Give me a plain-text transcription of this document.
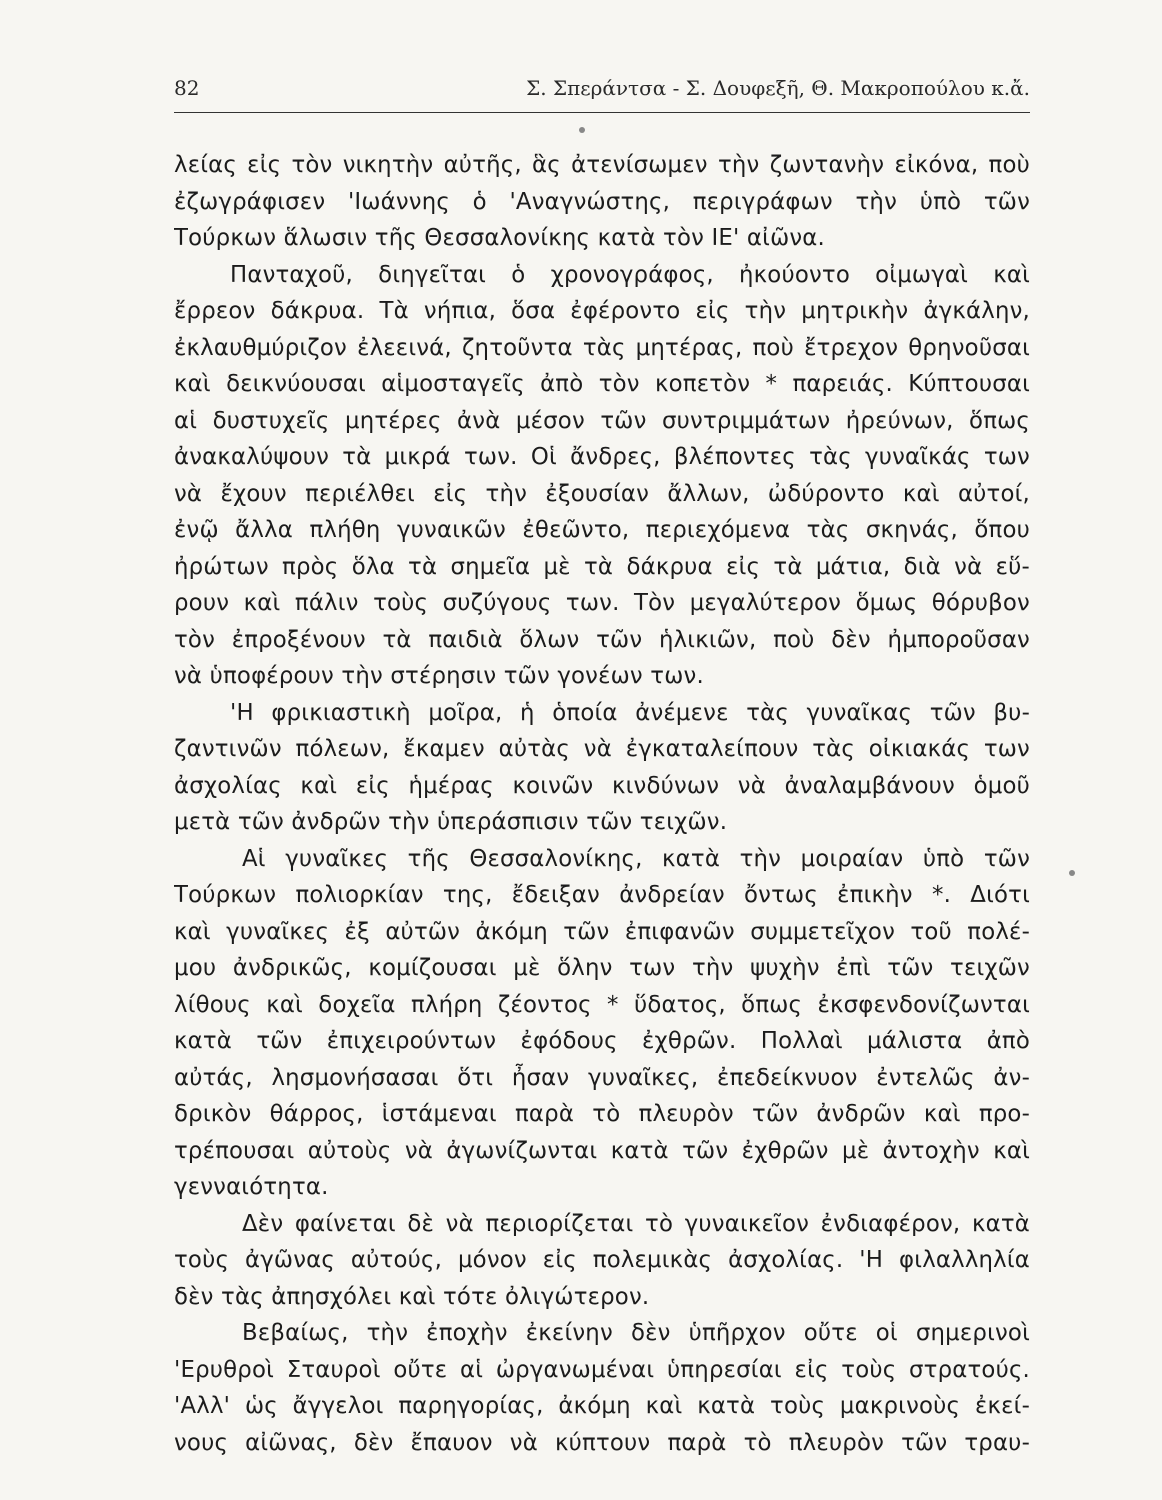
82	Σ. Σπεράντσα - Σ. Δουφεξῆ, Θ. Μακροπούλου κ.ἄ.
λείας εἰς τὸν νικητὴν αὐτῆς, ἃς ἀτενίσωμεν τὴν ζωντανὴν εἰκόνα, ποὺ
ἐζωγράφισεν 'Ιωάννης ὁ 'Αναγνώστης, περιγράφων τὴν ὑπὸ τῶν
Τούρκων ἅλωσιν τῆς Θεσσαλονίκης κατὰ τὸν ΙΕ' αἰῶνα.
Πανταχοῦ, διηγεῖται ὁ χρονογράφος, ἠκούοντο οἰμωγαὶ καὶ
ἔρρεον δάκρυα. Τὰ νήπια, ὅσα ἐφέροντο εἰς τὴν μητρικὴν ἀγκάλην,
ἐκλαυθμύριζον ἐλεεινά, ζητοῦντα τὰς μητέρας, ποὺ ἔτρεχον θρηνοῦσαι
καὶ δεικνύουσαι αἱμοσταγεῖς ἀπὸ τὸν κοπετὸν * παρειάς. Κύπτουσαι
αἱ δυστυχεῖς μητέρες ἀνὰ μέσον τῶν συντριμμάτων ἠρεύνων, ὅπως
ἀνακαλύψουν τὰ μικρά των. Οἱ ἄνδρες, βλέποντες τὰς γυναῖκάς των
νὰ ἔχουν περιέλθει εἰς τὴν ἐξουσίαν ἄλλων, ὠδύροντο καὶ αὐτοί,
ἐνῷ ἄλλα πλήθη γυναικῶν ἐθεῶντο, περιεχόμενα τὰς σκηνάς, ὅπου
ἠρώτων πρὸς ὅλα τὰ σημεῖα μὲ τὰ δάκρυα εἰς τὰ μάτια, διὰ νὰ εὕ-
ρουν καὶ πάλιν τοὺς συζύγους των. Τὸν μεγαλύτερον ὅμως θόρυβον
τὸν ἐπροξένουν τὰ παιδιὰ ὅλων τῶν ἡλικιῶν, ποὺ δὲν ἠμποροῦσαν
νὰ ὑποφέρουν τὴν στέρησιν τῶν γονέων των.
'Η φρικιαστικὴ μοῖρα, ἡ ὁποία ἀνέμενε τὰς γυναῖκας τῶν βυ-
ζαντινῶν πόλεων, ἔκαμεν αὐτὰς νὰ ἐγκαταλείπουν τὰς οἰκιακάς των
ἀσχολίας καὶ εἰς ἡμέρας κοινῶν κινδύνων νὰ ἀναλαμβάνουν ὁμοῦ
μετὰ τῶν ἀνδρῶν τὴν ὑπεράσπισιν τῶν τειχῶν.
Αἱ γυναῖκες τῆς Θεσσαλονίκης, κατὰ τὴν μοιραίαν ὑπὸ τῶν
Τούρκων πολιορκίαν της, ἔδειξαν ἀνδρείαν ὄντως ἐπικὴν *. Διότι
καὶ γυναῖκες ἐξ αὐτῶν ἀκόμη τῶν ἐπιφανῶν συμμετεῖχον τοῦ πολέ-
μου ἀνδρικῶς, κομίζουσαι μὲ ὅλην των τὴν ψυχὴν ἐπὶ τῶν τειχῶν
λίθους καὶ δοχεῖα πλήρη ζέοντος * ὕδατος, ὅπως ἐκσφενδονίζωνται
κατὰ τῶν ἐπιχειρούντων ἐφόδους ἐχθρῶν. Πολλαὶ μάλιστα ἀπὸ
αὐτάς, λησμονήσασαι ὅτι ἦσαν γυναῖκες, ἐπεδείκνυον ἐντελῶς ἀν-
δρικὸν θάρρος, ἱστάμεναι παρὰ τὸ πλευρὸν τῶν ἀνδρῶν καὶ προ-
τρέπουσαι αὐτοὺς νὰ ἀγωνίζωνται κατὰ τῶν ἐχθρῶν μὲ ἀντοχὴν καὶ
γενναιότητα.
Δὲν φαίνεται δὲ νὰ περιορίζεται τὸ γυναικεῖον ἐνδιαφέρον, κατὰ
τοὺς ἀγῶνας αὐτούς, μόνον εἰς πολεμικὰς ἀσχολίας. 'Η φιλαλληλία
δὲν τὰς ἀπησχόλει καὶ τότε ὀλιγώτερον.
Βεβαίως, τὴν ἐποχὴν ἐκείνην δὲν ὑπῆρχον οὔτε οἱ σημερινοὶ
'Ερυθροὶ Σταυροὶ οὔτε αἱ ὠργανωμέναι ὑπηρεσίαι εἰς τοὺς στρατούς.
'Αλλ' ὡς ἄγγελοι παρηγορίας, ἀκόμη καὶ κατὰ τοὺς μακρινοὺς ἐκεί-
νους αἰῶνας, δὲν ἔπαυον νὰ κύπτουν παρὰ τὸ πλευρὸν τῶν τραυ-
